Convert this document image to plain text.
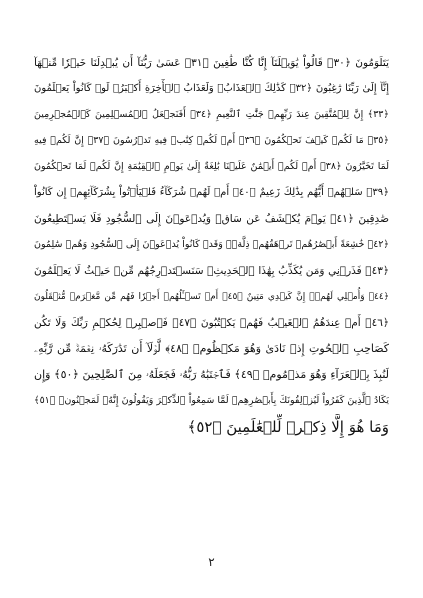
يَتَلَوَمُونَ ﴿٣٠﴾ قَالُواْ يَٰوَيۡلَنَآ إِنَّا كُنَّا طَٰغِينَ ﴿٣١﴾ عَسَىٰ رَبُّنَآ أَن يُبۡدِلَنَا خَيۡرٗا مِّنۡهَآ

إِنَّآ إِلَىٰ رَبِّنَا رَٰغِبُونَ ﴿٣٢﴾ كَذَٰلِكَ ٱلۡعَذَابُۖ وَلَعَذَابُ ٱلۡأٓخِرَةِ أَكۡبَرُۚ لَوۡ كَانُواْ يَعۡلَمُونَ

﴿٣٣﴾ إِنَّ لِلۡمُتَّقِينَ عِندَ رَبِّهِمۡ جَنَّٰتِ ٱلنَّعِيمِ ﴿٣٤﴾ أَفَنَجۡعَلُ ٱلۡمُسۡلِمِينَ كَٱلۡمُجۡرِمِينَ

﴿٣٥﴾ مَا لَكُمۡ كَيۡفَ تَحۡكُمُونَ ﴿٣٦﴾ أَمۡ لَكُمۡ كِتَٰبٞ فِيهِ تَدۡرُسُونَ ﴿٣٧﴾ إِنَّ لَكُمۡ فِيهِ

لَمَا تَخَيَّرُونَ ﴿٣٨﴾ أَمۡ لَكُمۡ أَيۡمَٰنٌ عَلَيۡنَا بَٰلِغَةٌ إِلَىٰ يَوۡمِ ٱلۡقِيَٰمَةِ إِنَّ لَكُمۡ لَمَا تَحۡكُمُونَ

﴿٣٩﴾ سَلۡهُمۡ أَيُّهُم بِذَٰلِكَ زَعِيمٌ ﴿٤٠﴾ أَمۡ لَهُمۡ شُرَكَآءُ فَلۡيَأۡتُواْ بِشُرَكَآئِهِمۡ إِن كَانُواْ

صَٰدِقِينَ ﴿٤١﴾ يَوۡمَ يُكۡشَفُ عَن سَاقٖ وَيُدۡعَوۡنَ إِلَى ٱلسُّجُودِ فَلَا يَسۡتَطِيعُونَ

﴿٤٢﴾ خَٰشِعَةً أَبۡصَٰرُهُمۡ تَرۡهَقُهُمۡ ذِلَّةٞۖ وَقَدۡ كَانُواْ يُدۡعَوۡنَ إِلَى ٱلسُّجُودِ وَهُمۡ سَٰلِمُونَ

﴿٤٣﴾ فَذَرۡنِي وَمَن يُكَذِّبُ بِهَٰذَا ٱلۡحَدِيثِۖ سَنَسۡتَدۡرِجُهُم مِّنۡ حَيۡثُ لَا يَعۡلَمُونَ

﴿٤٤﴾ وَأُمۡلِي لَهُمۡۚ إِنَّ كَيۡدِي مَتِينٌ ﴿٤٥﴾ أَمۡ تَسۡـَٔلُهُمۡ أَجۡرٗا فَهُم مِّن مَّغۡرَمٖ مُّثۡقَلُونَ

﴿٤٦﴾ أَمۡ عِندَهُمُ ٱلۡغَيۡبُ فَهُمۡ يَكۡتُبُونَ ﴿٤٧﴾ فَٱصۡبِرۡ لِحُكۡمِ رَبِّكَ وَلَا تَكُن

كَصَاحِبِ ٱلۡحُوتِ إِذۡ نَادَىٰ وَهُوَ مَكۡظُومٞ ﴿٤٨﴾ لَّوۡلَآ أَن تَدَٰرَكَهُۥ نِعۡمَةٞ مِّن رَّبِّهِۦ

لَنُبِذَ بِٱلۡعَرَآءِ وَهُوَ مَذۡمُومٞ ﴿٤٩﴾ فَٱجۡتَبَٰهُ رَبُّهُۥ فَجَعَلَهُۥ مِنَ ٱلصَّٰلِحِينَ ﴿٥٠﴾ وَإِن

يَكَادُ ٱلَّذِينَ كَفَرُواْ لَيُزۡلِقُونَكَ بِأَبۡصَٰرِهِمۡ لَمَّا سَمِعُواْ ٱلذِّكۡرَ وَيَقُولُونَ إِنَّهُۥ لَمَجۡنُونٞ ﴿٥١﴾

وَمَا هُوَ إِلَّا ذِكۡرٞ لِّلۡعَٰلَمِينَ ﴿٥٢﴾

٢
